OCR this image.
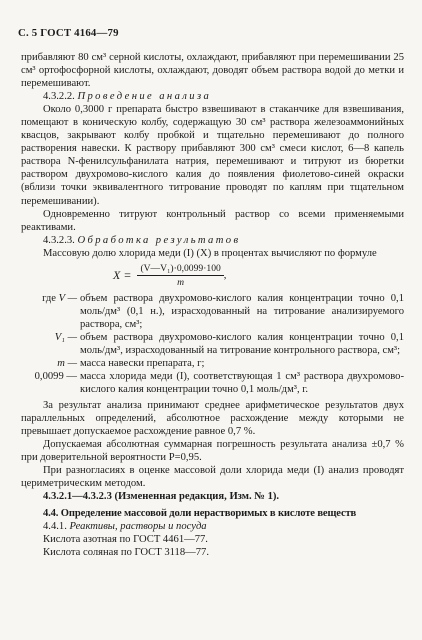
С. 5 ГОСТ 4164—79

прибавляют 80 см³ серной кислоты, охлаждают, прибавляют при перемешивании 25 см³ ортофосфорной кислоты, охлаждают, доводят объем раствора водой до метки и перемешивают.

4.3.2.2. Проведение анализа

Около 0,3000 г препарата быстро взвешивают в стаканчике для взвешивания, помещают в коническую колбу, содержащую 30 см³ раствора железоаммонийных квасцов, закрывают колбу пробкой и тщательно перемешивают до полного растворения навески. К раствору прибавляют 300 см³ смеси кислот, 6—8 капель раствора N-фенилсульфанилата натрия, перемешивают и титруют из бюретки раствором двухромово-кислого калия до появления фиолетово-синей окраски (вблизи точки эквивалентного титрование проводят по каплям при тщательном перемешивании).

Одновременно титруют контрольный раствор со всеми применяемыми реактивами.

4.3.2.3. Обработка результатов

Массовую долю хлорида меди (I) (X) в процентах вычисляют по формуле

$X = \frac{\text{(V—V₁)·0,0099·100}}{m}$ ,
где V — объем раствора двухромово-кислого калия концентрации точно 0,1 моль/дм³ (0,1 н.), израсходованный на титрование анализируемого раствора, см³;
V₁ — объем раствора двухромово-кислого калия концентрации точно 0,1 моль/дм³, израсходованный на титрование контрольного раствора, см³;
m — масса навески препарата, г;
0,0099 — масса хлорида меди (I), соответствующая 1 см³ раствора двухромово-кислого калия концентрации точно 0,1 моль/дм³, г.

За результат анализа принимают среднее арифметическое результатов двух параллельных определений, абсолютное расхождение между которыми не превышает допускаемое расхождение равное 0,7 %.

Допускаемая абсолютная суммарная погрешность результата анализа ±0,7 % при доверительной вероятности P=0,95.

При разногласиях в оценке массовой доли хлорида меди (I) анализ проводят цериметрическим методом.

4.3.2.1—4.3.2.3 (Измененная редакция, Изм. № 1).

4.4. Определение массовой доли нерастворимых в кислоте веществ

4.4.1. Реактивы, растворы и посуда

Кислота азотная по ГОСТ 4461—77.

Кислота соляная по ГОСТ 3118—77.
